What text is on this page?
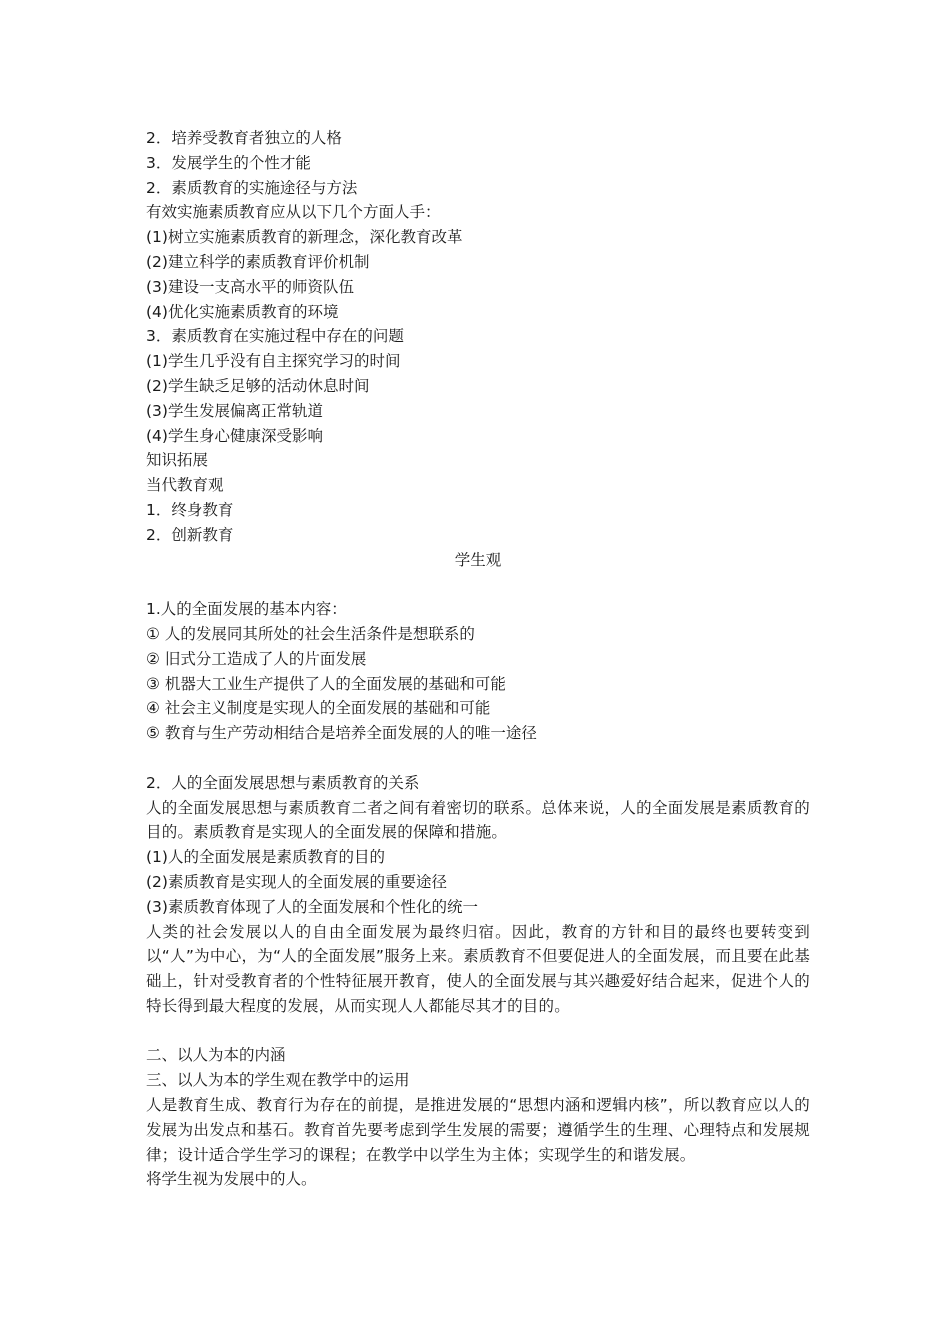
2．培养受教育者独立的人格

3．发展学生的个性才能

2．素质教育的实施途径与方法

有效实施素质教育应从以下几个方面人手：

(1)树立实施素质教育的新理念，深化教育改革

(2)建立科学的素质教育评价机制

(3)建设一支高水平的师资队伍

(4)优化实施素质教育的环境

3．素质教育在实施过程中存在的问题

(1)学生几乎没有自主探究学习的时间

(2)学生缺乏足够的活动休息时间

(3)学生发展偏离正常轨道

(4)学生身心健康深受影响

知识拓展

当代教育观

1．终身教育

2．创新教育

学生观

1.人的全面发展的基本内容：

① 人的发展同其所处的社会生活条件是想联系的

② 旧式分工造成了人的片面发展

③ 机器大工业生产提供了人的全面发展的基础和可能

④ 社会主义制度是实现人的全面发展的基础和可能

⑤ 教育与生产劳动相结合是培养全面发展的人的唯一途径

2．人的全面发展思想与素质教育的关系

人的全面发展思想与素质教育二者之间有着密切的联系。总体来说，人的全面发展是素质教育的目的。素质教育是实现人的全面发展的保障和措施。

(1)人的全面发展是素质教育的目的

(2)素质教育是实现人的全面发展的重要途径

(3)素质教育体现了人的全面发展和个性化的统一

人类的社会发展以人的自由全面发展为最终归宿。因此，教育的方针和目的最终也要转变到以“人”为中心，为“人的全面发展”服务上来。素质教育不但要促进人的全面发展，而且要在此基础上，针对受教育者的个性特征展开教育，使人的全面发展与其兴趣爱好结合起来，促进个人的特长得到最大程度的发展，从而实现人人都能尽其才的目的。

二、以人为本的内涵

三、以人为本的学生观在教学中的运用

人是教育生成、教育行为存在的前提，是推进发展的“思想内涵和逻辑内核”，所以教育应以人的发展为出发点和基石。教育首先要考虑到学生发展的需要；遵循学生的生理、心理特点和发展规律；设计适合学生学习的课程；在教学中以学生为主体；实现学生的和谐发展。

将学生视为发展中的人。
